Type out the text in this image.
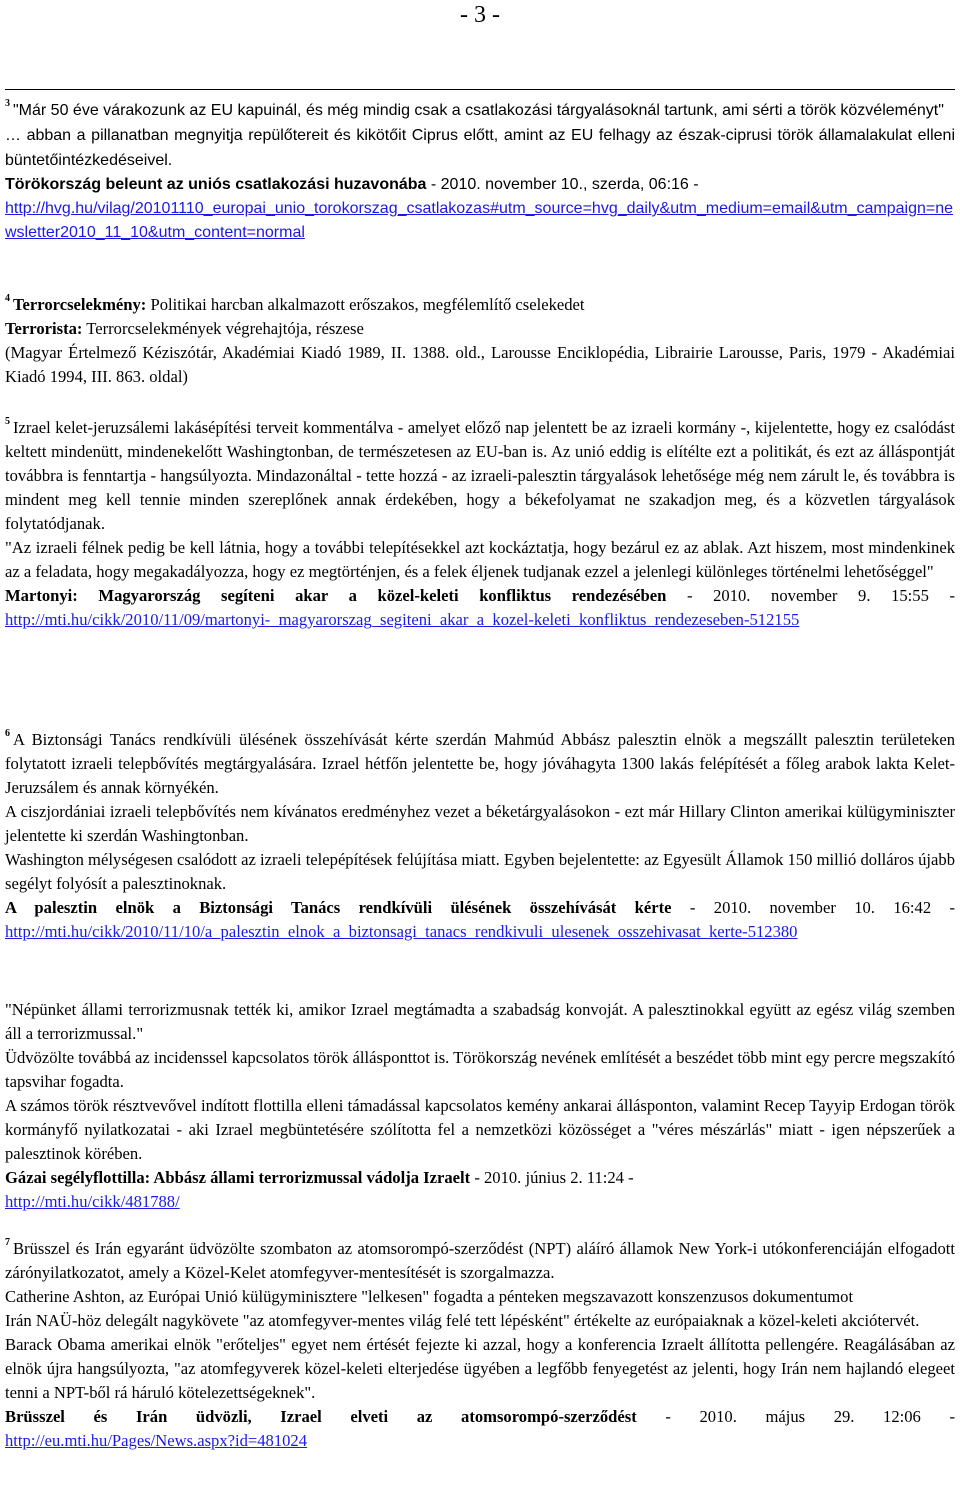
- 3 -

$^3$ "Már 50 éve várakozunk az EU kapuinál, és még mindig csak a csatlakozási tárgyalásoknál tartunk, ami sérti a török közvéleményt"

… abban a pillanatban megnyitja repülőtereit és kikötőit Ciprus előtt, amint az EU felhagy az észak-ciprusi török államalakulat elleni büntetőintézkedéseivel.

Törökország beleunt az uniós csatlakozási huzavonába - 2010. november 10., szerda, 06:16 -

http://hvg.hu/vilag/20101110_europai_unio_torokorszag_csatlakozas#utm_source=hvg_daily&utm_medium=email&utm_campaign=newsletter2010_11_10&utm_content=normal

$^4$ Terrorcselekmény: Politikai harcban alkalmazott erőszakos, megfélemlítő cselekedet

Terrorista: Terrorcselekmények végrehajtója, részese

(Magyar Értelmező Kéziszótár, Akadémiai Kiadó 1989, II. 1388. old., Larousse Enciklopédia, Librairie Larousse, Paris, 1979 - Akadémiai Kiadó 1994, III. 863. oldal)

$^5$ Izrael kelet-jeruzsálemi lakásépítési terveit kommentálva - amelyet előző nap jelentett be az izraeli kormány -, kijelentette, hogy ez csalódást keltett mindenütt, mindenekelőtt Washingtonban, de természetesen az EU-ban is. Az unió eddig is elítélte ezt a politikát, és ezt az álláspontját továbbra is fenntartja - hangsúlyozta. Mindazonáltal - tette hozzá - az izraeli-palesztin tárgyalások lehetősége még nem zárult le, és továbbra is mindent meg kell tennie minden szereplőnek annak érdekében, hogy a békefolyamat ne szakadjon meg, és a közvetlen tárgyalások folytatódjanak.

"Az izraeli félnek pedig be kell látnia, hogy a további telepítésekkel azt kockáztatja, hogy bezárul ez az ablak. Azt hiszem, most mindenkinek az a feladata, hogy megakadályozza, hogy ez megtörténjen, és a felek éljenek tudjanak ezzel a jelenlegi különleges történelmi lehetőséggel"

Martonyi: Magyarország segíteni akar a közel-keleti konfliktus rendezésében - 2010. november 9. 15:55 -

http://mti.hu/cikk/2010/11/09/martonyi-_magyarorszag_segiteni_akar_a_kozel-keleti_konfliktus_rendezeseben-512155

$^6$ A Biztonsági Tanács rendkívüli ülésének összehívását kérte szerdán Mahmúd Abbász palesztin elnök a megszállt palesztin területeken folytatott izraeli telepbővítés megtárgyalására. Izrael hétfőn jelentette be, hogy jóváhagyta 1300 lakás felépítését a főleg arabok lakta Kelet-Jeruzsálem és annak környékén.

A ciszjordániai izraeli telepbővítés nem kívánatos eredményhez vezet a béketárgyalásokon - ezt már Hillary Clinton amerikai külügyminiszter jelentette ki szerdán Washingtonban.

Washington mélységesen csalódott az izraeli telepépítések felújítása miatt. Egyben bejelentette: az Egyesült Államok 150 millió dolláros újabb segélyt folyósít a palesztinoknak.

A palesztin elnök a Biztonsági Tanács rendkívüli ülésének összehívását kérte - 2010. november 10. 16:42 -

http://mti.hu/cikk/2010/11/10/a_palesztin_elnok_a_biztonsagi_tanacs_rendkivuli_ulesenek_osszehivasat_kerte-512380

"Népünket állami terrorizmusnak tették ki, amikor Izrael megtámadta a szabadság konvoját. A palesztinokkal együtt az egész világ szemben áll a terrorizmussal."

Üdvözölte továbbá az incidenssel kapcsolatos török állásponttot is. Törökország nevének említését a beszédet több mint egy percre megszakító tapsvihar fogadta.

A számos török résztvevővel indított flottilla elleni támadással kapcsolatos kemény ankarai állásponton, valamint Recep Tayyip Erdogan török kormányfő nyilatkozatai - aki Izrael megbüntetésére szólította fel a nemzetközi közösséget a "véres mészárlás" miatt - igen népszerűek a palesztinok körében.

Gázai segélyflottilla: Abbász állami terrorizmussal vádolja Izraelt - 2010. június 2. 11:24 -

http://mti.hu/cikk/481788/

$^7$ Brüsszel és Irán egyaránt üdvözölte szombaton az atomsorompó-szerződést (NPT) aláíró államok New York-i utókonferenciáján elfogadott zárónyilatkozatot, amely a Közel-Kelet atomfegyver-mentesítését is szorgalmazza.

Catherine Ashton, az Európai Unió külügyminisztere "lelkesen" fogadta a pénteken megszavazott konszenzusos dokumentumot

Irán NAÜ-höz delegált nagykövete "az atomfegyver-mentes világ felé tett lépésként" értékelte az európaiaknak a közel-keleti akciótervét.

Barack Obama amerikai elnök "erőteljes" egyet nem értését fejezte ki azzal, hogy a konferencia Izraelt állította pellengére. Reagálásában az elnök újra hangsúlyozta, "az atomfegyverek közel-keleti elterjedése ügyében a legfőbb fenyegetést az jelenti, hogy Irán nem hajlandó elegeet tenni a NPT-ből rá háruló kötelezettségeknek".

Brüsszel és Irán üdvözli, Izrael elveti az atomsorompó-szerződést - 2010. május 29. 12:06 -

http://eu.mti.hu/Pages/News.aspx?id=481024
